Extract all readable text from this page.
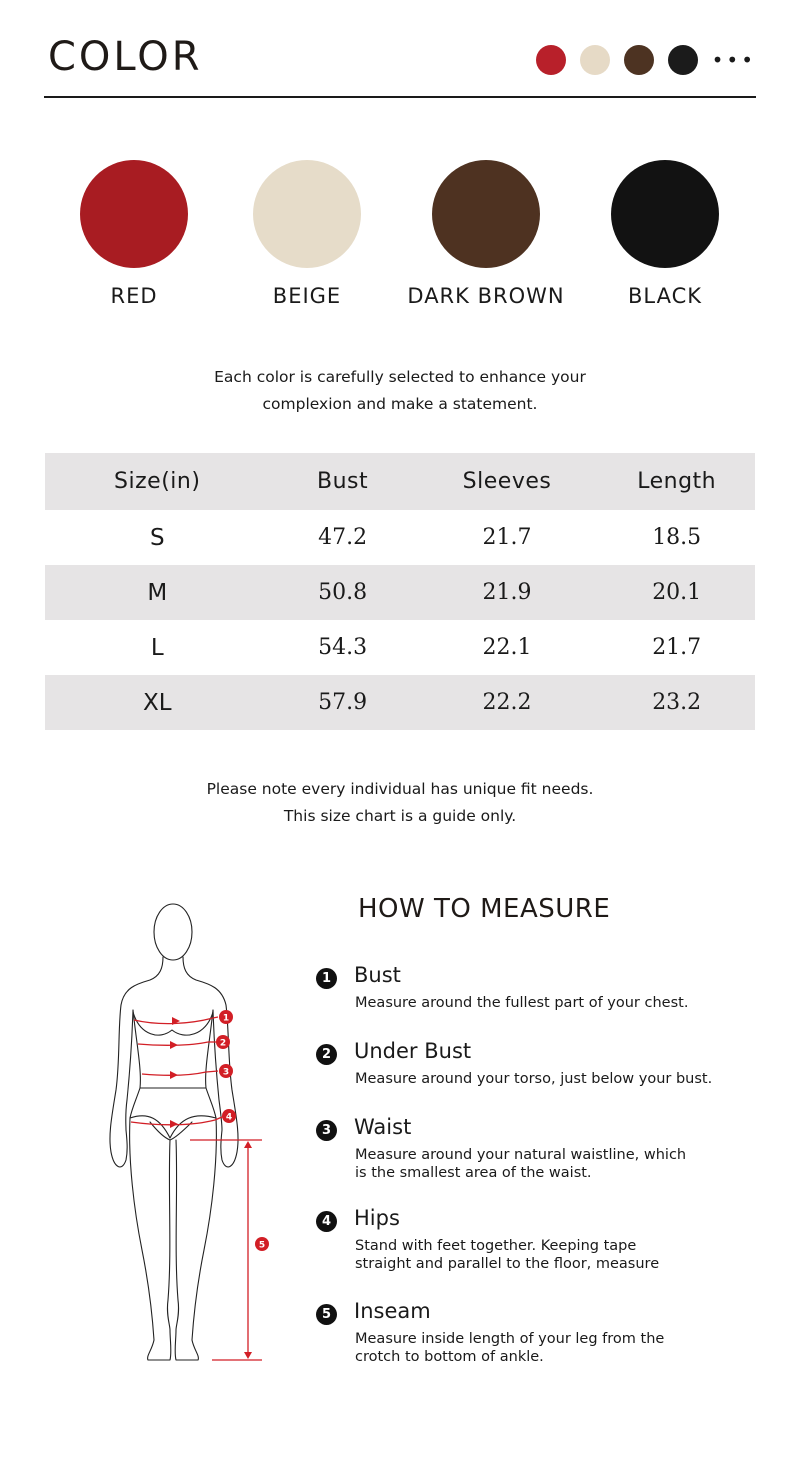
COLOR	•••
RED	BEIGE	DARK BROWN	BLACK
Each color is carefully selected to enhance your
complexion and make a statement.
Size(in)	Bust	Sleeves	Length
S	47.2	21.7	18.5
M	50.8	21.9	20.1
L	54.3	22.1	21.7
XL	57.9	22.2	23.2
Please note every individual has unique fit needs.
This size chart is a guide only.
1
2
3
4
5
HOW TO MEASURE
1 Bust
Measure around the fullest part of your chest.
2 Under Bust
Measure around your torso, just below your bust.
3 Waist
Measure around your natural waistline, which
is the smallest area of the waist.
4 Hips
Stand with feet together. Keeping tape
straight and parallel to the floor, measure
5 Inseam
Measure inside length of your leg from the
crotch to bottom of ankle.
